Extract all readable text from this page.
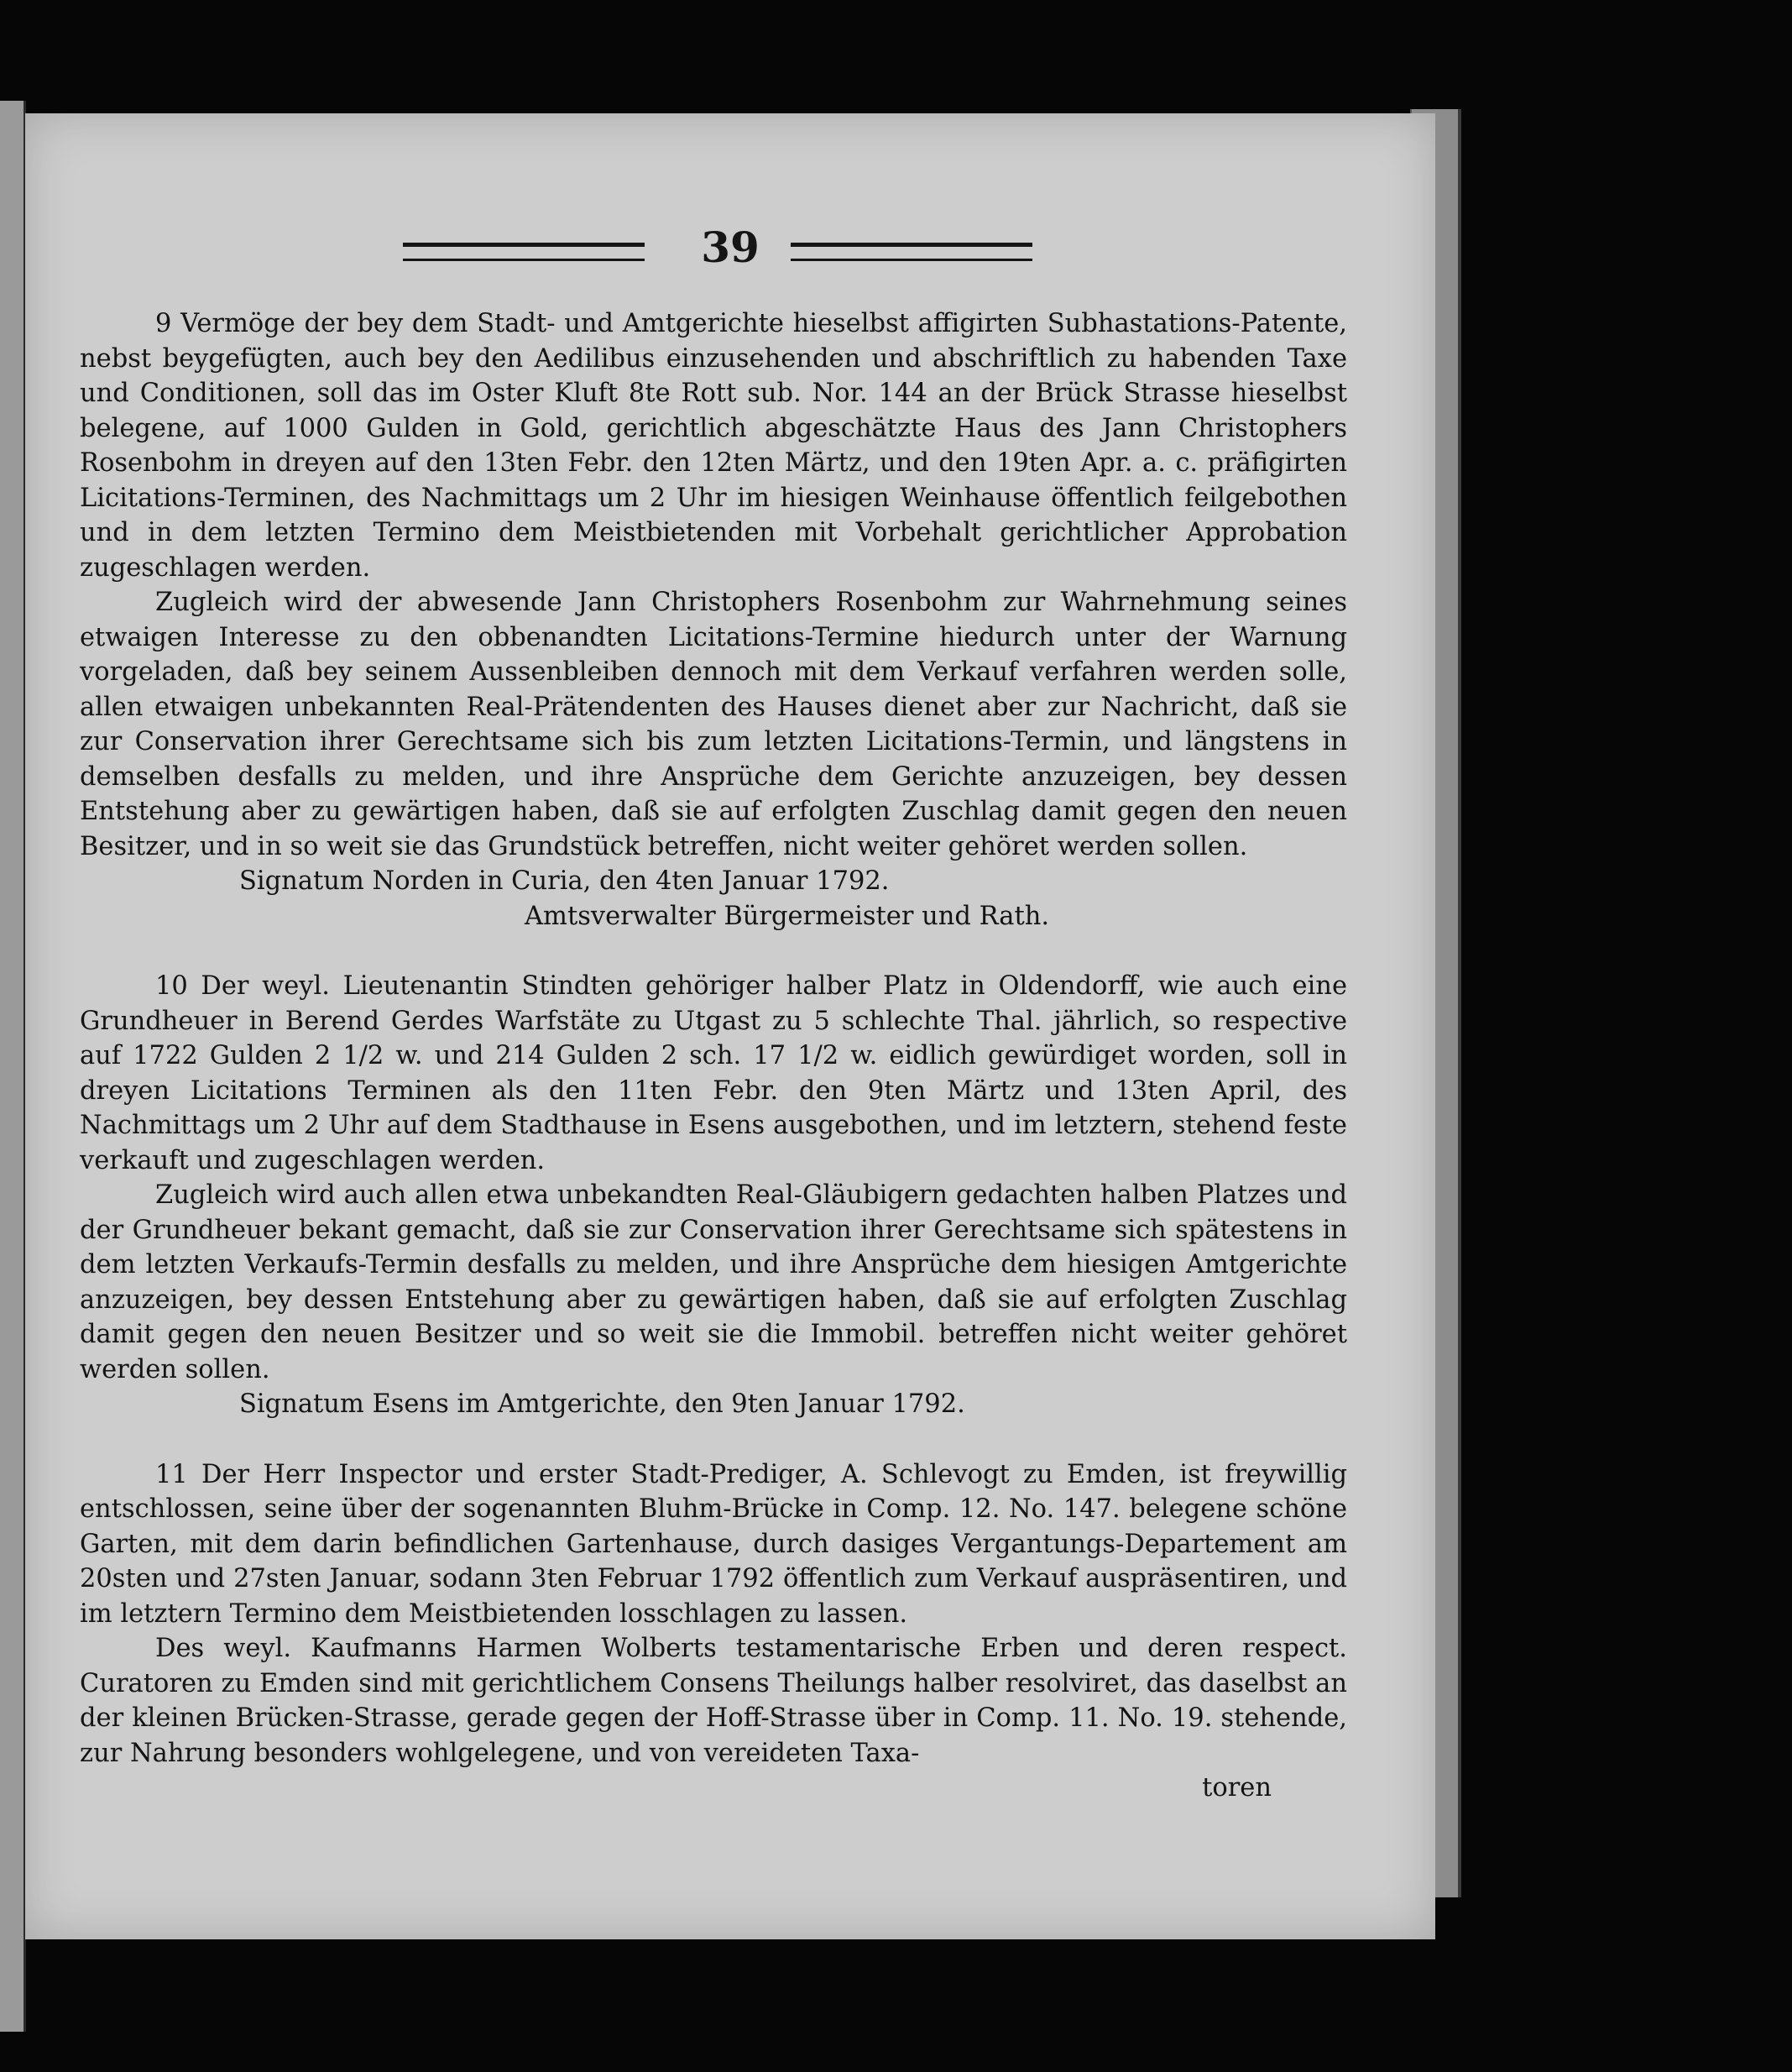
39

9 Vermöge der bey dem Stadt- und Amtgerichte hieselbst affigirten Subhastations-Patente, nebst beygefügten, auch bey den Aedilibus einzusehenden und abschriftlich zu habenden Taxe und Conditionen, soll das im Oster Kluft 8te Rott sub. Nor. 144 an der Brück Strasse hieselbst belegene, auf 1000 Gulden in Gold, gerichtlich abgeschätzte Haus des Jann Christophers Rosenbohm in dreyen auf den 13ten Febr. den 12ten Märtz, und den 19ten Apr. a. c. präfigirten Licitations-Terminen, des Nachmittags um 2 Uhr im hiesigen Weinhause öffentlich feilgebothen und in dem letzten Termino dem Meistbietenden mit Vorbehalt gerichtlicher Approbation zugeschlagen werden.

Zugleich wird der abwesende Jann Christophers Rosenbohm zur Wahrnehmung seines etwaigen Interesse zu den obbenandten Licitations-Termine hiedurch unter der Warnung vorgeladen, daß bey seinem Aussenbleiben dennoch mit dem Verkauf verfahren werden solle, allen etwaigen unbekannten Real-Prätendenten des Hauses dienet aber zur Nachricht, daß sie zur Conservation ihrer Gerechtsame sich bis zum letzten Licitations-Termin, und längstens in demselben desfalls zu melden, und ihre Ansprüche dem Gerichte anzuzeigen, bey dessen Entstehung aber zu gewärtigen haben, daß sie auf erfolgten Zuschlag damit gegen den neuen Besitzer, und in so weit sie das Grundstück betreffen, nicht weiter gehöret werden sollen.

Signatum Norden in Curia, den 4ten Januar 1792.

Amtsverwalter Bürgermeister und Rath.

10 Der weyl. Lieutenantin Stindten gehöriger halber Platz in Oldendorff, wie auch eine Grundheuer in Berend Gerdes Warfstäte zu Utgast zu 5 schlechte Thal. jährlich, so respective auf 1722 Gulden 2 1/2 w. und 214 Gulden 2 sch. 17 1/2 w. eidlich gewürdiget worden, soll in dreyen Licitations Terminen als den 11ten Febr. den 9ten Märtz und 13ten April, des Nachmittags um 2 Uhr auf dem Stadthause in Esens ausgebothen, und im letztern, stehend feste verkauft und zugeschlagen werden.

Zugleich wird auch allen etwa unbekandten Real-Gläubigern gedachten halben Platzes und der Grundheuer bekant gemacht, daß sie zur Conservation ihrer Gerechtsame sich spätestens in dem letzten Verkaufs-Termin desfalls zu melden, und ihre Ansprüche dem hiesigen Amtgerichte anzuzeigen, bey dessen Entstehung aber zu gewärtigen haben, daß sie auf erfolgten Zuschlag damit gegen den neuen Besitzer und so weit sie die Immobil. betreffen nicht weiter gehöret werden sollen.

Signatum Esens im Amtgerichte, den 9ten Januar 1792.

11 Der Herr Inspector und erster Stadt-Prediger, A. Schlevogt zu Emden, ist freywillig entschlossen, seine über der sogenannten Bluhm-Brücke in Comp. 12. No. 147. belegene schöne Garten, mit dem darin befindlichen Gartenhause, durch dasiges Vergantungs-Departement am 20sten und 27sten Januar, sodann 3ten Februar 1792 öffentlich zum Verkauf auspräsentiren, und im letztern Termino dem Meistbietenden losschlagen zu lassen.

Des weyl. Kaufmanns Harmen Wolberts testamentarische Erben und deren respect. Curatoren zu Emden sind mit gerichtlichem Consens Theilungs halber resolviret, das daselbst an der kleinen Brücken-Strasse, gerade gegen der Hoff-Strasse über in Comp. 11. No. 19. stehende, zur Nahrung besonders wohlgelegene, und von vereideten Taxa-

toren
